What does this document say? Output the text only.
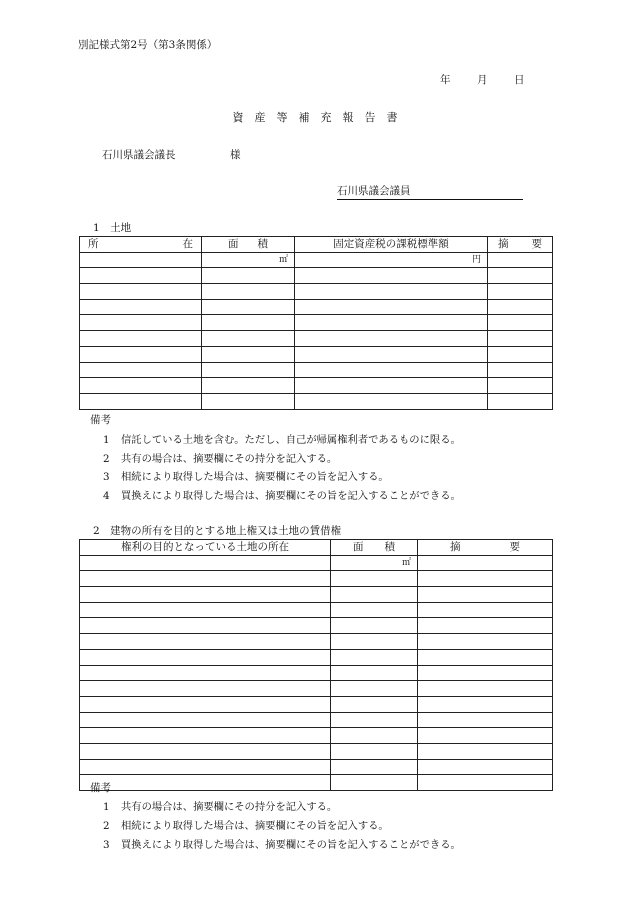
別記様式第2号（第3条関係）
年	月	日
資　産　等　補　充　報　告　書
石川県議会議長	様
石川県議会議員
1　土地
所 在	面 積	固定資産税の課税標準額	摘 要

	㎡	円	

備考
1 信託している土地を含む。ただし、自己が帰属権利者であるものに限る。
2 共有の場合は、摘要欄にその持分を記入する。
3 相続により取得した場合は、摘要欄にその旨を記入する。
4 買換えにより取得した場合は、摘要欄にその旨を記入することができる。
2　建物の所有を目的とする地上権又は土地の賃借権
権利の目的となっている土地の所在	面 積	摘 要

	㎡	

備考
1 共有の場合は、摘要欄にその持分を記入する。
2 相続により取得した場合は、摘要欄にその旨を記入する。
3 買換えにより取得した場合は、摘要欄にその旨を記入することができる。
